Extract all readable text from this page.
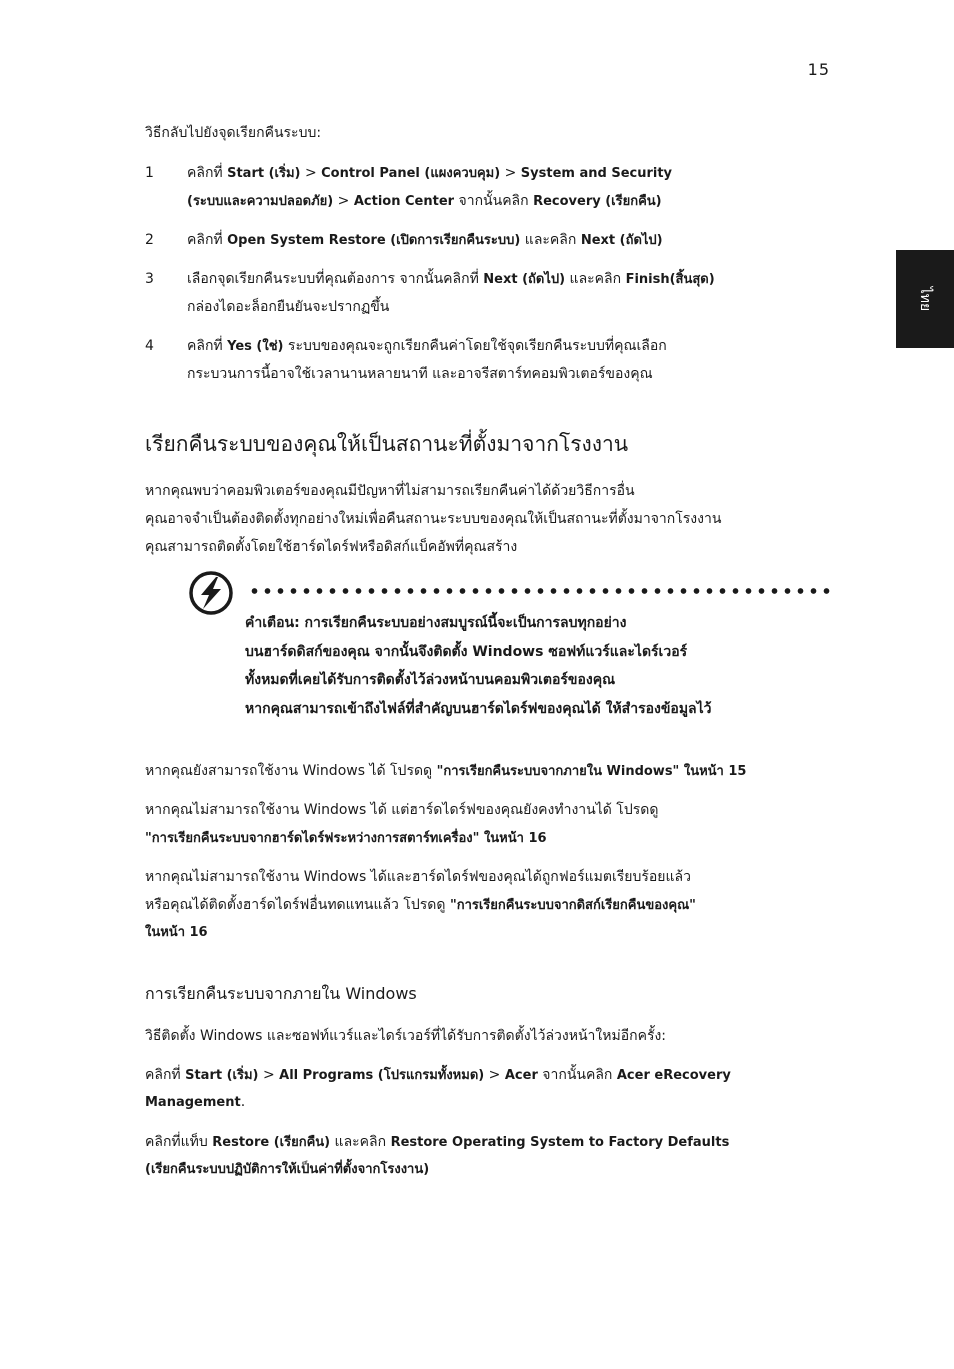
15
ไทย
วิธีกลับไปยังจุดเรียกคืนระบบ:
1	คลิกที่ Start (เริ่ม) > Control Panel (แผงควบคุม) > System and Security
(ระบบและความปลอดภัย) > Action Center จากนั้นคลิก Recovery (เรียกคืน)
2	คลิกที่ Open System Restore (เปิดการเรียกคืนระบบ) และคลิก Next (ถัดไป)
3	เลือกจุดเรียกคืนระบบที่คุณต้องการ จากนั้นคลิกที่ Next (ถัดไป) และคลิก Finish(สิ้นสุด)
กล่องไดอะล็อกยืนยันจะปรากฏขึ้น
4	คลิกที่ Yes (ใช่) ระบบของคุณจะถูกเรียกคืนค่าโดยใช้จุดเรียกคืนระบบที่คุณเลือก
กระบวนการนี้อาจใช้เวลานานหลายนาที และอาจรีสตาร์ทคอมพิวเตอร์ของคุณ
เรียกคืนระบบของคุณให้เป็นสถานะที่ตั้งมาจากโรงงาน
หากคุณพบว่าคอมพิวเตอร์ของคุณมีปัญหาที่ไม่สามารถเรียกคืนค่าได้ด้วยวิธีการอื่น
คุณอาจจำเป็นต้องติดตั้งทุกอย่างใหม่เพื่อคืนสถานะระบบของคุณให้เป็นสถานะที่ตั้งมาจากโรงงาน
คุณสามารถติดตั้งโดยใช้ฮาร์ดไดร์ฟหรือดิสก์แบ็คอัพที่คุณสร้าง
คำเตือน: การเรียกคืนระบบอย่างสมบูรณ์นี้จะเป็นการลบทุกอย่าง
บนฮาร์ดดิสก์ของคุณ จากนั้นจึงติดตั้ง Windows ซอฟท์แวร์และไดร์เวอร์
ทั้งหมดที่เคยได้รับการติดตั้งไว้ล่วงหน้าบนคอมพิวเตอร์ของคุณ
หากคุณสามารถเข้าถึงไฟล์ที่สำคัญบนฮาร์ดไดร์ฟของคุณได้ ให้สำรองข้อมูลไว้
หากคุณยังสามารถใช้งาน Windows ได้ โปรดดู "การเรียกคืนระบบจากภายใน Windows" ในหน้า 15
หากคุณไม่สามารถใช้งาน Windows ได้ แต่ฮาร์ดไดร์ฟของคุณยังคงทำงานได้ โปรดดู
"การเรียกคืนระบบจากฮาร์ดไดร์ฟระหว่างการสตาร์ทเครื่อง" ในหน้า 16
หากคุณไม่สามารถใช้งาน Windows ได้และฮาร์ดไดร์ฟของคุณได้ถูกฟอร์แมตเรียบร้อยแล้ว
หรือคุณได้ติดตั้งฮาร์ดไดร์ฟอื่นทดแทนแล้ว โปรดดู "การเรียกคืนระบบจากดิสก์เรียกคืนของคุณ"
ในหน้า 16
การเรียกคืนระบบจากภายใน Windows
วิธีติดตั้ง Windows และซอฟท์แวร์และไดร์เวอร์ที่ได้รับการติดตั้งไว้ล่วงหน้าใหม่อีกครั้ง:
คลิกที่ Start (เริ่ม) > All Programs (โปรแกรมทั้งหมด) > Acer จากนั้นคลิก Acer eRecovery
Management.
คลิกที่แท็บ Restore (เรียกคืน) และคลิก Restore Operating System to Factory Defaults
(เรียกคืนระบบปฏิบัติการให้เป็นค่าที่ตั้งจากโรงงาน)
